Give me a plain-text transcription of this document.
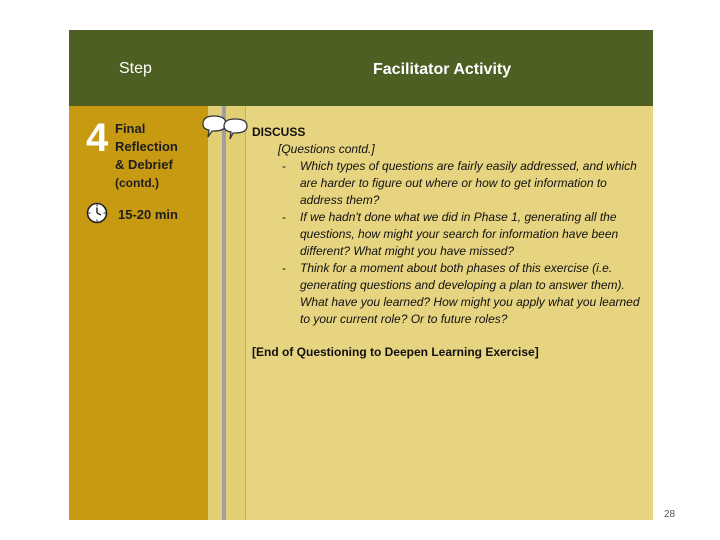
Step	Facilitator Activity
4 Final
Reflection
& Debrief
(contd.)
15-20 min
DISCUSS
[Questions contd.]
- Which types of questions are fairly easily addressed, and which are harder to figure out where or how to get information to address them?
- If we hadn't done what we did in Phase 1, generating all the questions, how might your search for information have been different? What might you have missed?
- Think for a moment about both phases of this exercise (i.e. generating questions and developing a plan to answer them). What have you learned? How might you apply what you learned to your current role? Or to future roles?
[End of Questioning to Deepen Learning Exercise]
28
